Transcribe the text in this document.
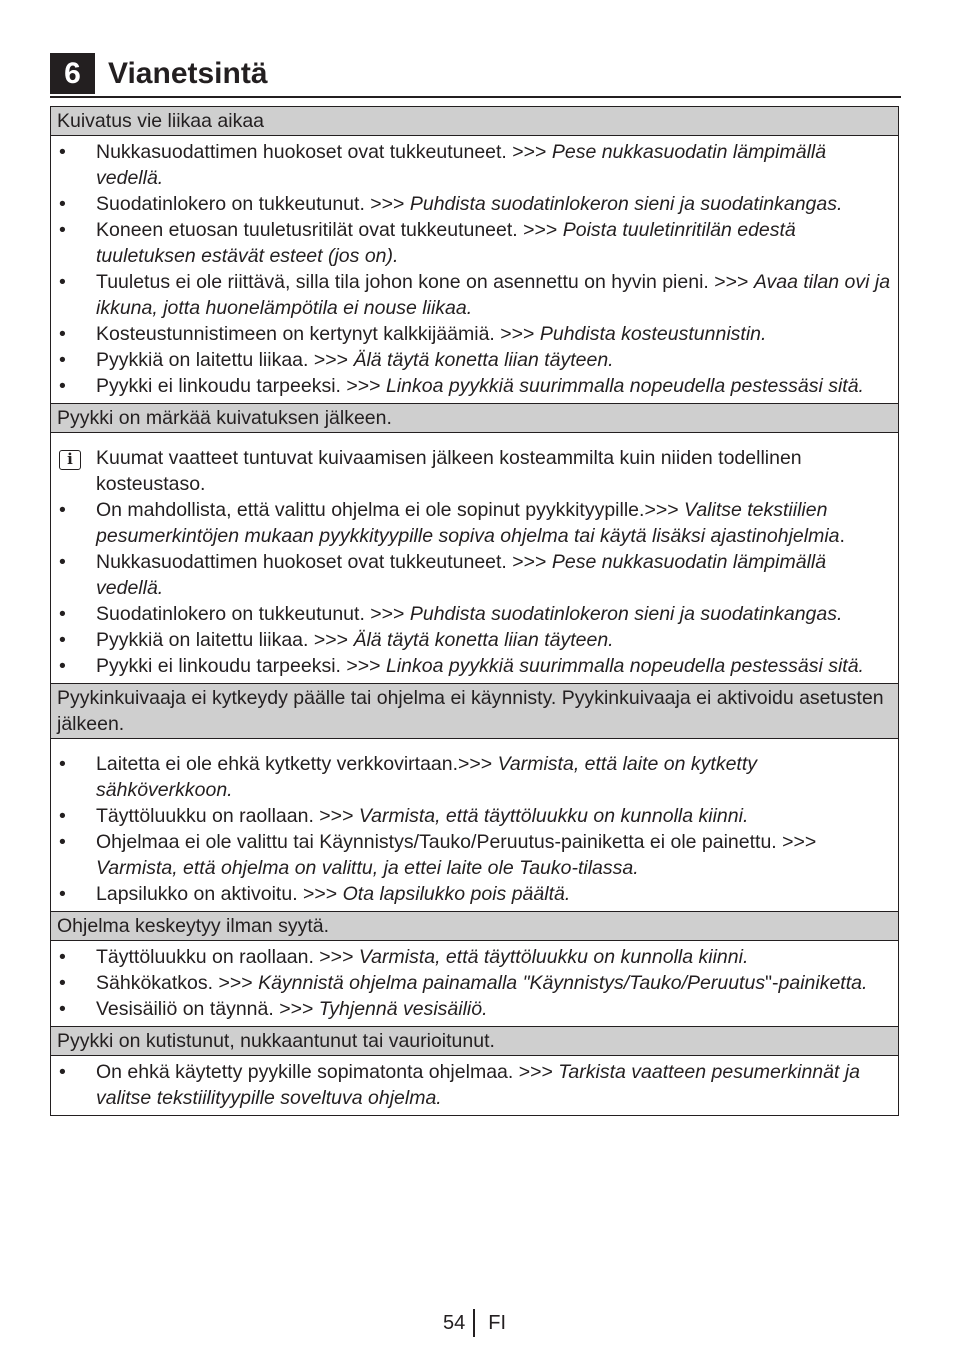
6 Vianetsintä
Kuivatus vie liikaa aikaa
•	Nukkasuodattimen huokoset ovat tukkeutuneet. >>> Pese nukkasuodatin lämpimällä vedellä.
•	Suodatinlokero on tukkeutunut. >>> Puhdista suodatinlokeron sieni ja suodatinkangas.
•	Koneen etuosan tuuletusritilät ovat tukkeutuneet. >>> Poista tuuletinritilän edestä tuuletuksen estävät esteet (jos on).
•	Tuuletus ei ole riittävä, silla tila johon kone on asennettu on hyvin pieni. >>> Avaa tilan ovi ja ikkuna, jotta huonelämpötila ei nouse liikaa.
•	Kosteustunnistimeen on kertynyt kalkkijäämiä. >>> Puhdista kosteustunnistin.
•	Pyykkiä on laitettu liikaa. >>> Älä täytä konetta liian täyteen.
•	Pyykki ei linkoudu tarpeeksi. >>> Linkoa pyykkiä suurimmalla nopeudella pestessäsi sitä.
Pyykki on märkää kuivatuksen jälkeen.
i	Kuumat vaatteet tuntuvat kuivaamisen jälkeen kosteammilta kuin niiden todellinen kosteustaso.
•	On mahdollista, että valittu ohjelma ei ole sopinut pyykkityypille.>>> Valitse tekstiilien pesumerkintöjen mukaan pyykkityypille sopiva ohjelma tai käytä lisäksi ajastinohjelmia.
•	Nukkasuodattimen huokoset ovat tukkeutuneet. >>> Pese nukkasuodatin lämpimällä vedellä.
•	Suodatinlokero on tukkeutunut. >>> Puhdista suodatinlokeron sieni ja suodatinkangas.
•	Pyykkiä on laitettu liikaa. >>> Älä täytä konetta liian täyteen.
•	Pyykki ei linkoudu tarpeeksi. >>> Linkoa pyykkiä suurimmalla nopeudella pestessäsi sitä.
Pyykinkuivaaja ei kytkeydy päälle tai ohjelma ei käynnisty. Pyykinkuivaaja ei aktivoidu asetusten jälkeen.
•	Laitetta ei ole ehkä kytketty verkkovirtaan.>>> Varmista, että laite on kytketty sähköverkkoon.
•	Täyttöluukku on raollaan. >>> Varmista, että täyttöluukku on kunnolla kiinni.
•	Ohjelmaa ei ole valittu tai Käynnistys/Tauko/Peruutus-painiketta ei ole painettu. >>> Varmista, että ohjelma on valittu, ja ettei laite ole Tauko-tilassa.
•	Lapsilukko on aktivoitu. >>> Ota lapsilukko pois päältä.
Ohjelma keskeytyy ilman syytä.
•	Täyttöluukku on raollaan. >>> Varmista, että täyttöluukku on kunnolla kiinni.
•	Sähkökatkos. >>> Käynnistä ohjelma painamalla "Käynnistys/Tauko/Peruutus"-painiketta.
•	Vesisäiliö on täynnä. >>> Tyhjennä vesisäiliö.
Pyykki on kutistunut, nukkaantunut tai vaurioitunut.
•	On ehkä käytetty pyykille sopimatonta ohjelmaa. >>> Tarkista vaatteen pesumerkinnät ja valitse tekstiilityypille soveltuva ohjelma.
54	FI
